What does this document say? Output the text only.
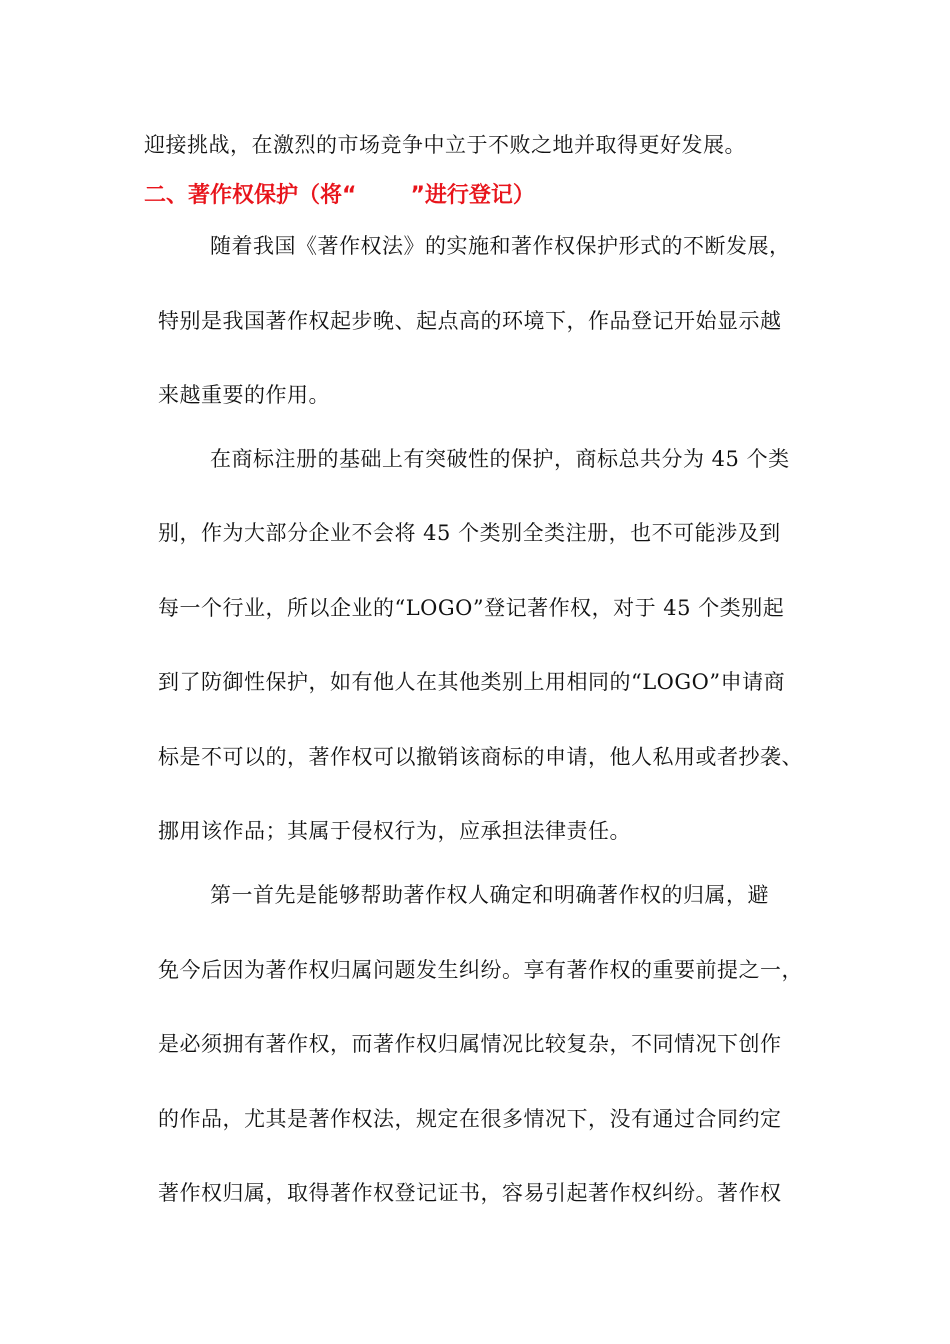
迎接挑战，在激烈的市场竞争中立于不败之地并取得更好发展。
二、著作权保护（将“ ”进行登记）
随着我国《著作权法》的实施和著作权保护形式的不断发展，
特别是我国著作权起步晚、起点高的环境下，作品登记开始显示越
来越重要的作用。
在商标注册的基础上有突破性的保护，商标总共分为 45 个类
别，作为大部分企业不会将 45 个类别全类注册，也不可能涉及到
每一个行业，所以企业的“LOGO”登记著作权，对于 45 个类别起
到了防御性保护，如有他人在其他类别上用相同的“LOGO”申请商
标是不可以的，著作权可以撤销该商标的申请，他人私用或者抄袭、
挪用该作品；其属于侵权行为，应承担法律责任。
第一首先是能够帮助著作权人确定和明确著作权的归属，避
免今后因为著作权归属问题发生纠纷。享有著作权的重要前提之一，
是必须拥有著作权，而著作权归属情况比较复杂，不同情况下创作
的作品，尤其是著作权法，规定在很多情况下，没有通过合同约定
著作权归属，取得著作权登记证书，容易引起著作权纠纷。著作权
